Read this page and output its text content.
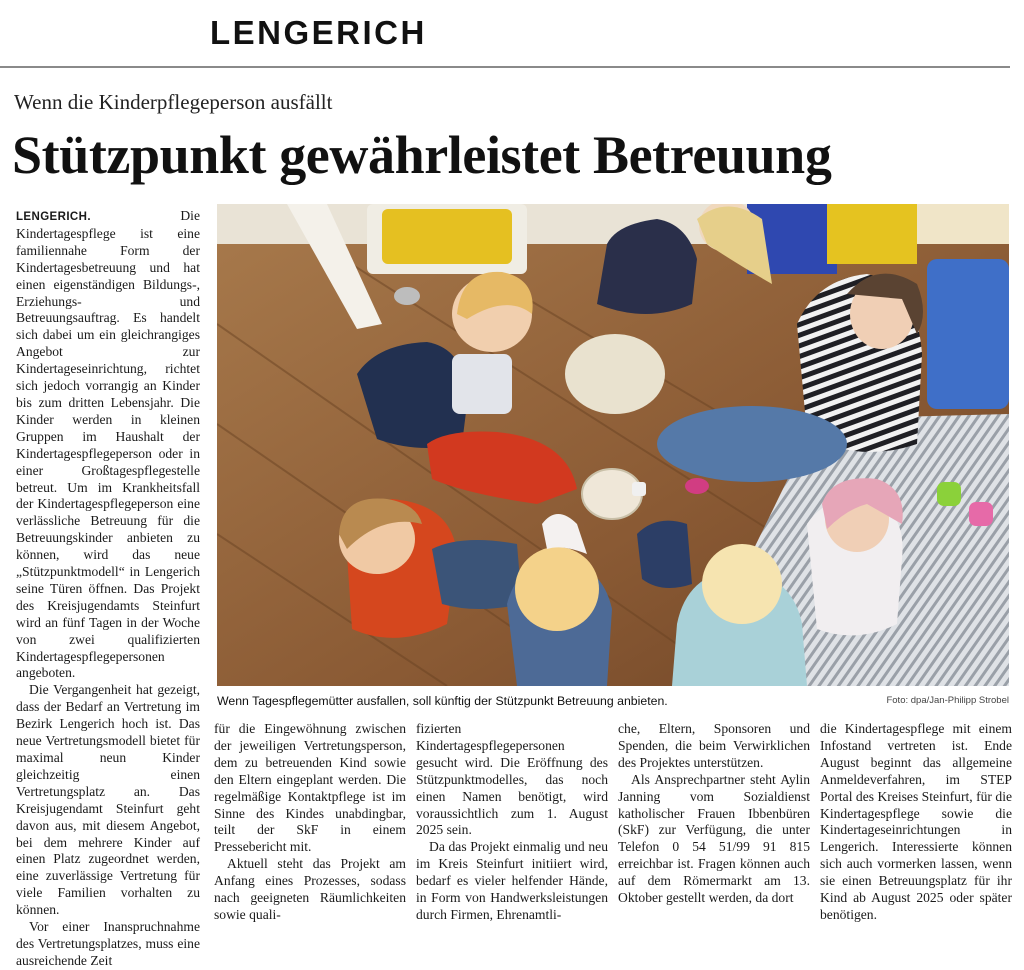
LENGERICH
Wenn die Kinderpflegeperson ausfällt
Stützpunkt gewährleistet Betreuung

LENGERICH.	Die Kindertagespflege ist eine familiennahe Form der Kindertagesbetreuung und hat einen eigenständigen Bildungs-, Erziehungs- und Betreuungsauftrag. Es handelt sich dabei um ein gleichrangiges Angebot zur Kindertageseinrichtung, richtet sich jedoch vorrangig an Kinder bis zum dritten Lebensjahr. Die Kinder werden in kleinen Gruppen im Haushalt der Kindertagespflegeperson oder in einer Großtagespflegestelle betreut. Um im Krankheitsfall der Kindertagespflegeperson eine verlässliche Betreuung für die Betreuungskinder anbieten zu können, wird das neue „Stützpunktmodell“ in Lengerich seine Türen öffnen. Das Projekt des Kreisjugendamts Steinfurt wird an fünf Tagen in der Woche von zwei qualifizierten Kindertagespflegepersonen angeboten.

Die Vergangenheit hat gezeigt, dass der Bedarf an Vertretung im Bezirk Lengerich hoch ist. Das neue Vertretungsmodell bietet für maximal neun Kinder gleichzeitig einen Vertretungsplatz an. Das Kreisjugendamt Steinfurt geht davon aus, mit diesem Angebot, bei dem mehrere Kinder auf einen Platz zugeordnet werden, eine zuverlässige Vertretung für viele Familien vorhalten zu können.

Vor einer Inanspruchnahme des Vertretungsplatzes, muss eine ausreichende Zeit

Wenn Tagespflegemütter ausfallen, soll künftig der Stützpunkt Betreuung anbieten.	Foto: dpa/Jan-Philipp Strobel

für die Eingewöhnung zwischen der jeweiligen Vertretungsperson, dem zu betreuenden Kind sowie den Eltern eingeplant werden. Die regelmäßige Kontaktpflege ist im Sinne des Kindes unabdingbar, teilt der SkF in einem Pressebericht mit.

Aktuell steht das Projekt am Anfang eines Prozesses, sodass nach geeigneten Räumlichkeiten sowie quali-

fizierten Kindertagespflegepersonen gesucht wird. Die Eröffnung des Stützpunktmodelles, das noch einen Namen benötigt, wird voraussichtlich zum 1. August 2025 sein.

Da das Projekt einmalig und neu im Kreis Steinfurt initiiert wird, bedarf es vieler helfender Hände, in Form von Handwerksleistungen durch Firmen, Ehrenamtli-

che, Eltern, Sponsoren und Spenden, die beim Verwirklichen des Projektes unterstützen.

Als Ansprechpartner steht Aylin Janning vom Sozialdienst katholischer Frauen Ibbenbüren (SkF) zur Verfügung, die unter Telefon 0 54 51/99 91 815 erreichbar ist. Fragen können auch auf dem Römermarkt am 13. Oktober gestellt werden, da dort

die Kindertagespflege mit einem Infostand vertreten ist. Ende August beginnt das allgemeine Anmeldeverfahren, im STEP Portal des Kreises Steinfurt, für die Kindertagespflege sowie die Kindertageseinrichtungen in Lengerich. Interessierte können sich auch vormerken lassen, wenn sie einen Betreuungsplatz für ihr Kind ab August 2025 oder später benötigen.
